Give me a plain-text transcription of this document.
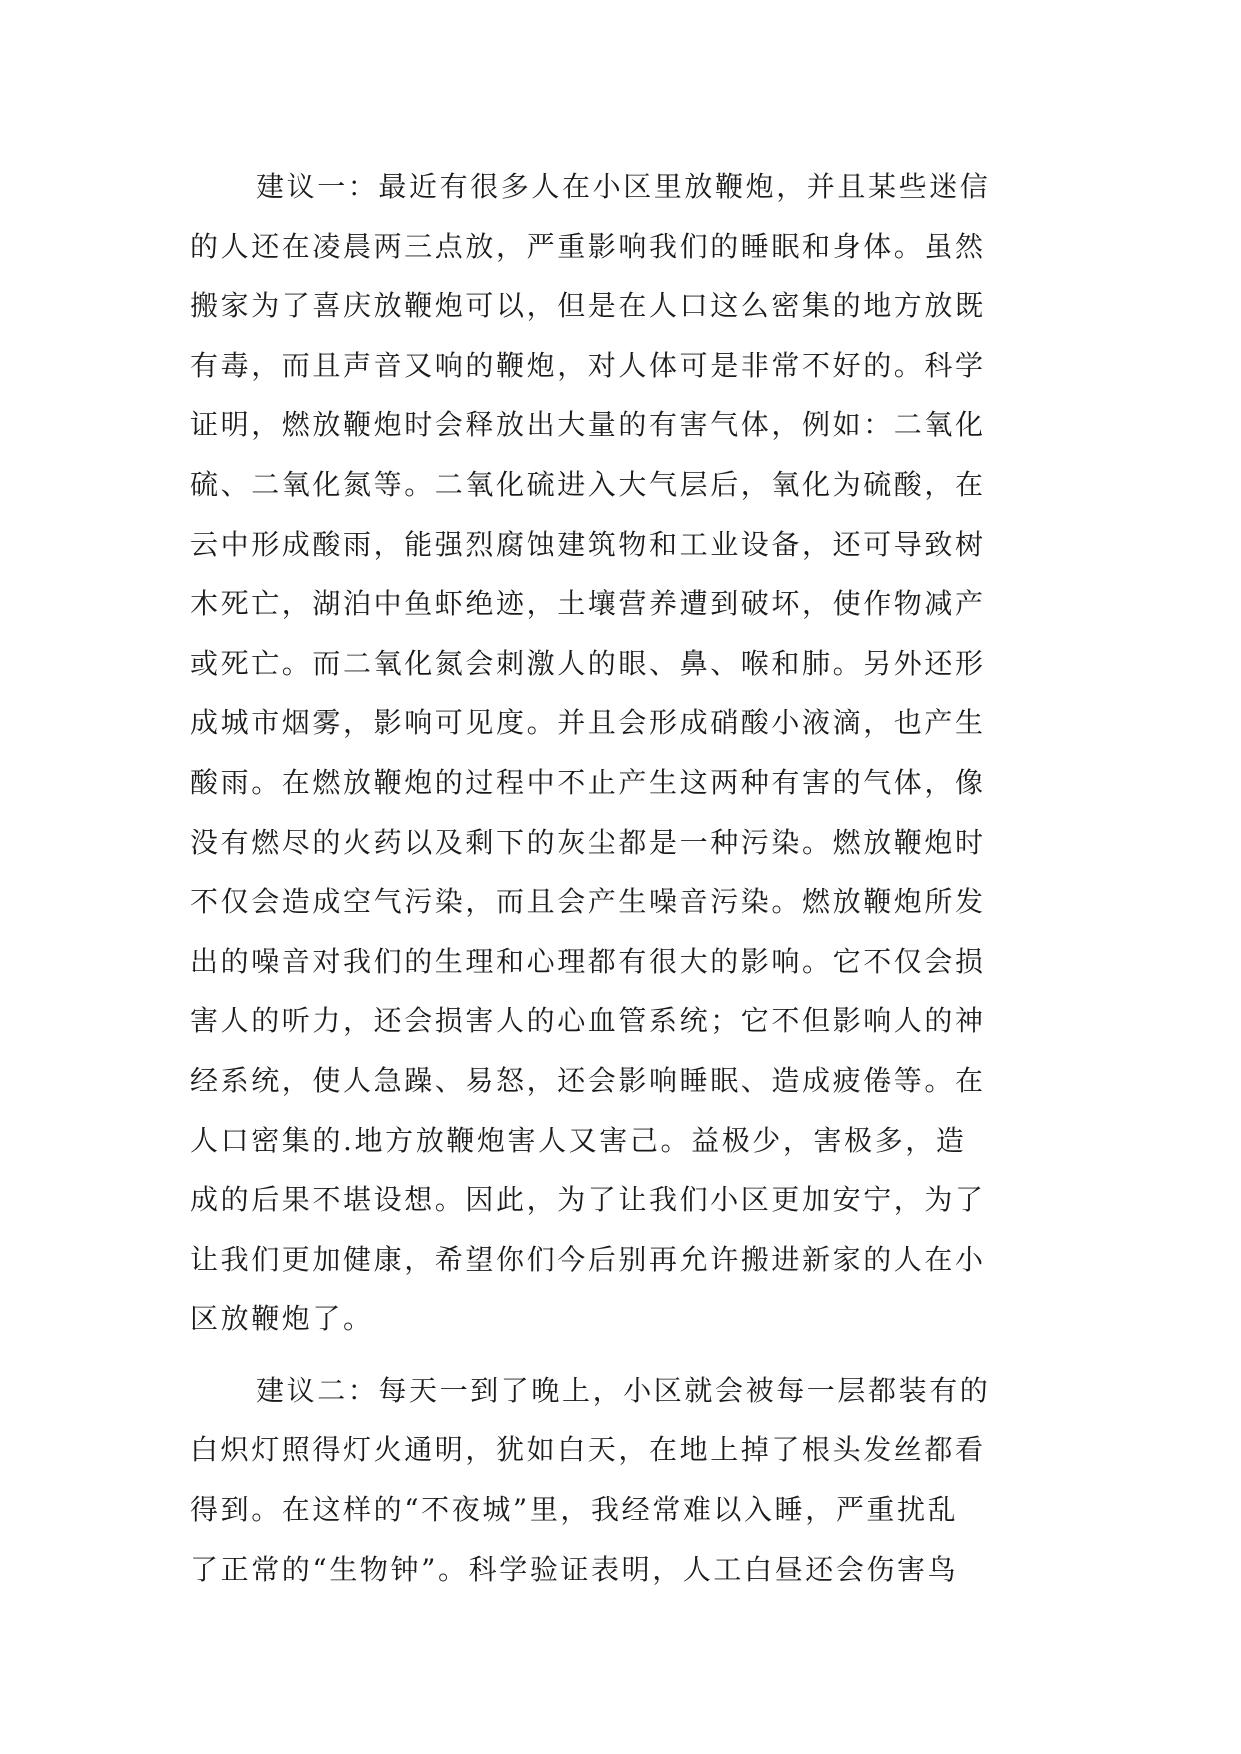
建议一：最近有很多人在小区里放鞭炮，并且某些迷信
的人还在凌晨两三点放，严重影响我们的睡眠和身体。虽然
搬家为了喜庆放鞭炮可以，但是在人口这么密集的地方放既
有毒，而且声音又响的鞭炮，对人体可是非常不好的。科学
证明，燃放鞭炮时会释放出大量的有害气体，例如：二氧化
硫、二氧化氮等。二氧化硫进入大气层后，氧化为硫酸，在
云中形成酸雨，能强烈腐蚀建筑物和工业设备，还可导致树
木死亡，湖泊中鱼虾绝迹，土壤营养遭到破坏，使作物减产
或死亡。而二氧化氮会刺激人的眼、鼻、喉和肺。另外还形
成城市烟雾，影响可见度。并且会形成硝酸小液滴，也产生
酸雨。在燃放鞭炮的过程中不止产生这两种有害的气体，像
没有燃尽的火药以及剩下的灰尘都是一种污染。燃放鞭炮时
不仅会造成空气污染，而且会产生噪音污染。燃放鞭炮所发
出的噪音对我们的生理和心理都有很大的影响。它不仅会损
害人的听力，还会损害人的心血管系统；它不但影响人的神
经系统，使人急躁、易怒，还会影响睡眠、造成疲倦等。在
人口密集的.地方放鞭炮害人又害己。益极少，害极多，造
成的后果不堪设想。因此，为了让我们小区更加安宁，为了
让我们更加健康，希望你们今后别再允许搬进新家的人在小
区放鞭炮了。
建议二：每天一到了晚上，小区就会被每一层都装有的
白炽灯照得灯火通明，犹如白天，在地上掉了根头发丝都看
得到。在这样的“不夜城”里，我经常难以入睡，严重扰乱
了正常的“生物钟”。科学验证表明，人工白昼还会伤害鸟
